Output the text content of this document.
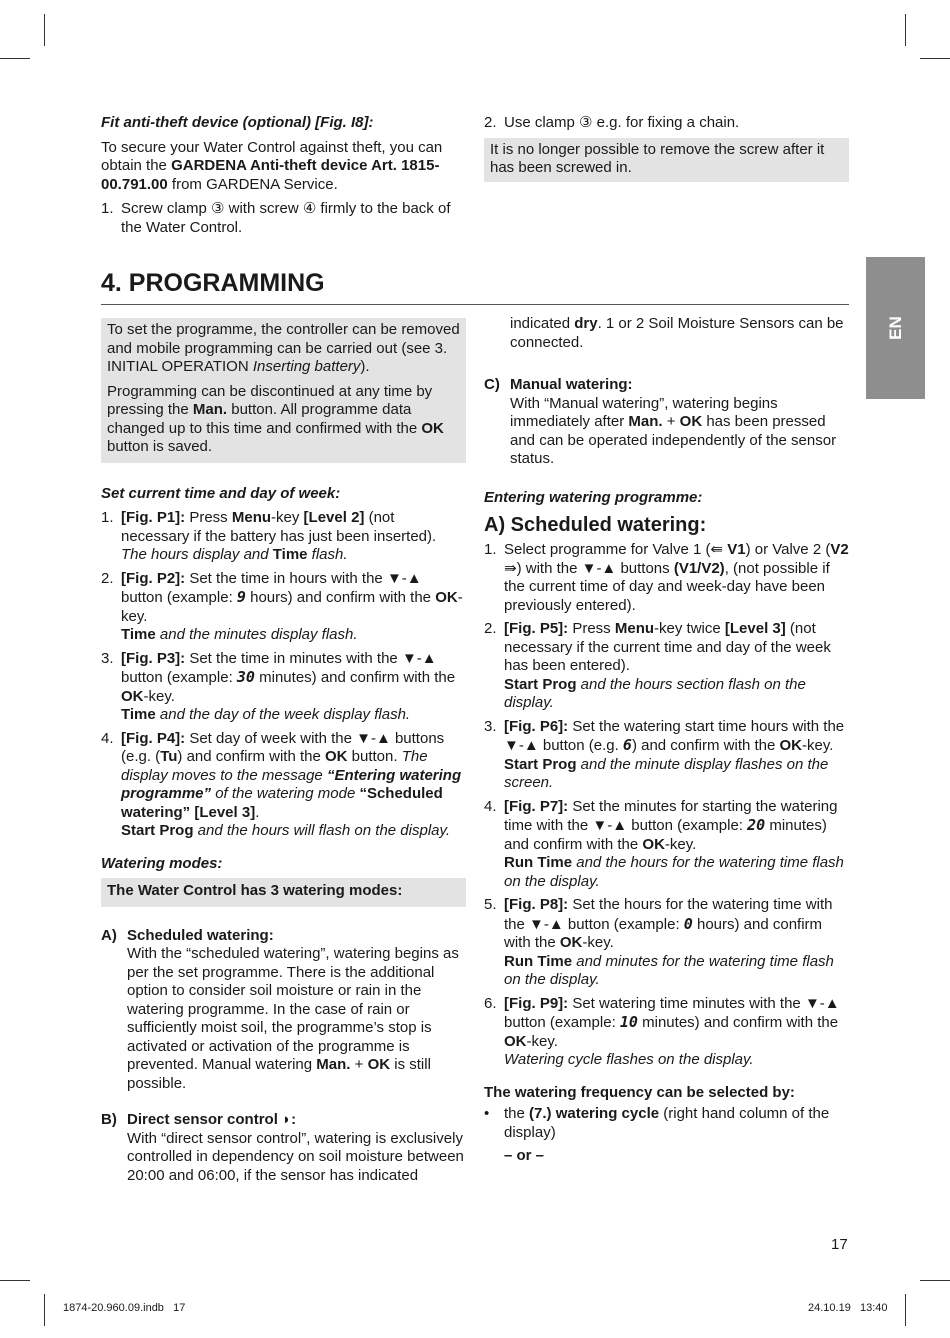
Fit anti-theft device (optional) [Fig. I8]:

To secure your Water Control against theft, you can obtain the GARDENA Anti-theft device Art. 1815-00.791.00 from GARDENA Service.

1. Screw clamp ③ with screw ④ firmly to the back of the Water Control.
2. Use clamp ③ e.g. for fixing a chain.
It is no longer possible to remove the screw after it has been screwed in.
4. PROGRAMMING
EN

To set the programme, the controller can be removed and mobile programming can be carried out (see 3. INITIAL OPERATION Inserting battery).

Programming can be discontinued at any time by pressing the Man. button. All programme data changed up to this time and confirmed with the OK button is saved.

Set current time and day of week:

1. [Fig. P1]: Press Menu-key [Level 2] (not necessary if the battery has just been inserted). The hours display and Time flash.
2. [Fig. P2]: Set the time in hours with the ▼-▲ button (example: 9 hours) and confirm with the OK-key.
Time and the minutes display flash.
3. [Fig. P3]: Set the time in minutes with the ▼-▲ button (example: 30 minutes) and confirm with the OK-key.
Time and the day of the week display flash.
4. [Fig. P4]: Set day of week with the ▼-▲ buttons (e.g. (Tu) and confirm with the OK button. The display moves to the message “Entering watering programme” of the watering mode “Scheduled watering” [Level 3].
Start Prog and the hours will flash on the display.

Watering modes:

The Water Control has 3 watering modes:
A) Scheduled watering:
With the “scheduled watering”, watering begins as per the set programme. There is the additional option to consider soil moisture or rain in the watering programme. In the case of rain or sufficiently moist soil, the programme’s stop is activated or activation of the programme is prevented. Manual watering Man. + OK is still possible.
B) Direct sensor control ◗:

With “direct sensor control”, watering is exclusively controlled in dependency on soil moisture between 20:00 and 06:00, if the sensor has indicated
indicated dry. 1 or 2 Soil Moisture Sensors can be connected.
C) Manual watering:
With “Manual watering”, watering begins immediately after Man. + OK has been pressed and can be operated independently of the sensor status.

Entering watering programme:

A) Scheduled watering:

1. Select programme for Valve 1 (⇚ V1) or Valve 2 (V2 ⇛) with the ▼-▲ buttons (V1/V2), (not possible if the current time of day and week-day have been previously entered).
2. [Fig. P5]: Press Menu-key twice [Level 3] (not necessary if the current time and day of the week has been entered).
Start Prog and the hours section flash on the display.
3. [Fig. P6]: Set the watering start time hours with the ▼-▲ button (e.g. 6) and confirm with the OK-key.
Start Prog and the minute display flashes on the screen.
4. [Fig. P7]: Set the minutes for starting the watering time with the ▼-▲ button (example: 20 minutes) and confirm with the OK-key.
Run Time and the hours for the watering time flash on the display.
5. [Fig. P8]: Set the hours for the watering time with the ▼-▲ button (example: 0 hours) and confirm with the OK-key.
Run Time and minutes for the watering time flash on the display.
6. [Fig. P9]: Set watering time minutes with the ▼-▲ button (example: 10 minutes) and confirm with the OK-key.
Watering cycle flashes on the display.

The watering frequency can be selected by:

• the (7.) watering cycle (right hand column of the display)

– or –

17
1874-20.960.09.indb   17	24.10.19   13:40
